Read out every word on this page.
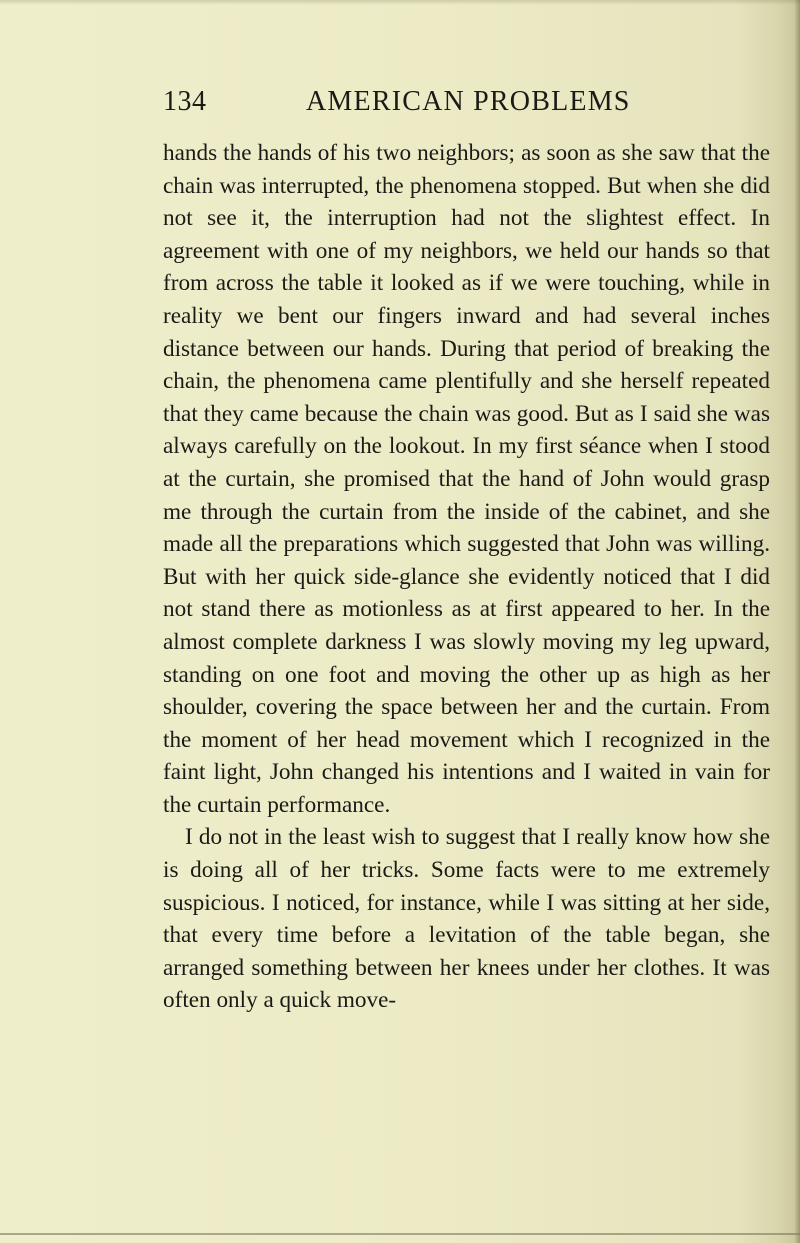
134	AMERICAN PROBLEMS

hands the hands of his two neighbors; as soon as she saw that the chain was interrupted, the phenomena stopped. But when she did not see it, the interruption had not the slightest effect. In agreement with one of my neighbors, we held our hands so that from across the table it looked as if we were touching, while in reality we bent our fingers inward and had several inches distance between our hands. During that period of breaking the chain, the phenomena came plentifully and she herself repeated that they came because the chain was good. But as I said she was always carefully on the lookout. In my first séance when I stood at the curtain, she promised that the hand of John would grasp me through the curtain from the inside of the cabinet, and she made all the preparations which suggested that John was willing. But with her quick side-glance she evidently noticed that I did not stand there as motionless as at first appeared to her. In the almost complete darkness I was slowly moving my leg upward, standing on one foot and moving the other up as high as her shoulder, covering the space between her and the curtain. From the moment of her head movement which I recognized in the faint light, John changed his intentions and I waited in vain for the curtain performance.

I do not in the least wish to suggest that I really know how she is doing all of her tricks. Some facts were to me extremely suspicious. I noticed, for instance, while I was sitting at her side, that every time before a levitation of the table began, she arranged something between her knees under her clothes. It was often only a quick move-
